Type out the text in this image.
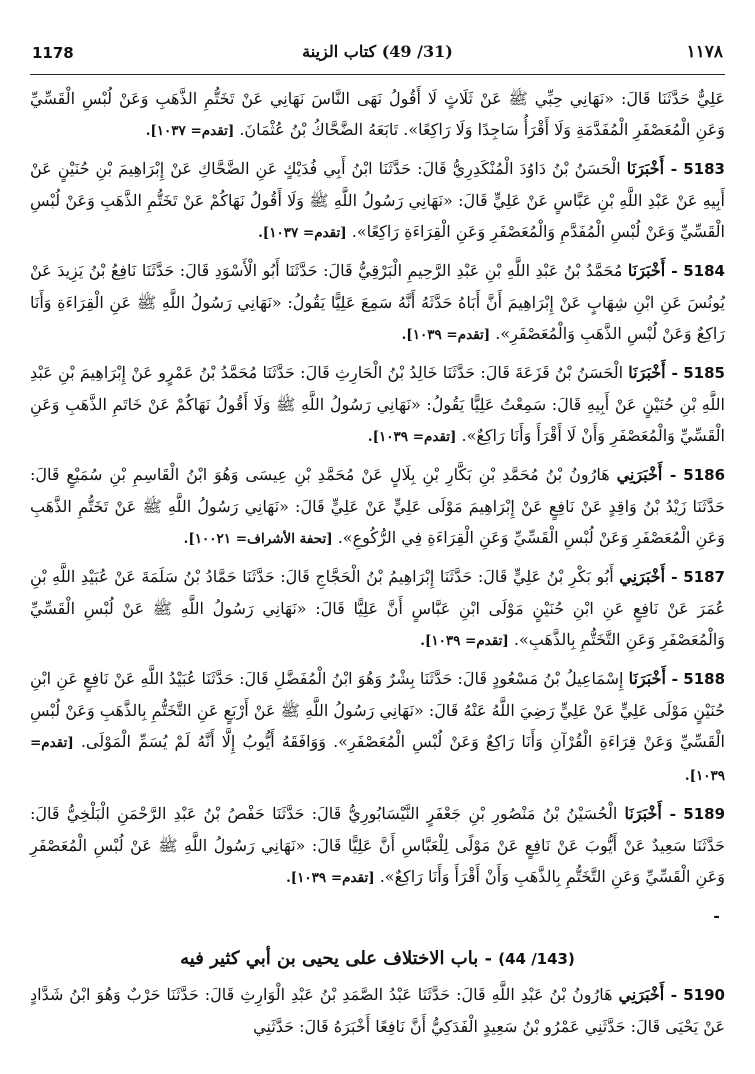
1178	(31/ 49) كتاب الزينة	١١٧٨

عَلِيٌّ حَدَّثَنَا قَالَ: «نَهَانِي حِبِّي ﷺ عَنْ ثَلَاثٍ لَا أَقُولُ نَهَى النَّاسَ نَهَانِي عَنْ تَخَتُّمِ الذَّهَبِ وَعَنْ لُبْسِ الْقَسِّيِّ وَعَنِ الْمُعَصْفَرِ الْمُفَدَّمَةِ وَلَا أَقْرَأُ سَاجِدًا وَلَا رَاكِعًا». تَابَعَهُ الضَّحَّاكُ بْنُ عُثْمَانَ. [تقدم= ١٠٣٧].

5183 - أَخْبَرَنَا الْحَسَنُ بْنُ دَاوُدَ الْمُنْكَدِرِيُّ قَالَ: حَدَّثَنَا ابْنُ أَبِي فُدَيْكٍ عَنِ الضَّحَّاكِ عَنْ إِبْرَاهِيمَ بْنِ حُنَيْنٍ عَنْ أَبِيهِ عَنْ عَبْدِ اللَّهِ بْنِ عَبَّاسٍ عَنْ عَلِيٍّ قَالَ: «نَهَانِي رَسُولُ اللَّهِ ﷺ وَلَا أَقُولُ نَهَاكُمْ عَنْ تَخَتُّمِ الذَّهَبِ وَعَنْ لُبْسِ الْقَسِّيِّ وَعَنْ لُبْسِ الْمُفَدَّمِ وَالْمُعَصْفَرِ وَعَنِ الْقِرَاءَةِ رَاكِعًا». [تقدم= ١٠٣٧].

5184 - أَخْبَرَنَا مُحَمَّدُ بْنُ عَبْدِ اللَّهِ بْنِ عَبْدِ الرَّحِيمِ الْبَرْقِيُّ قَالَ: حَدَّثَنَا أَبُو الْأَسْوَدِ قَالَ: حَدَّثَنَا نَافِعُ بْنُ يَزِيدَ عَنْ يُونُسَ عَنِ ابْنِ شِهَابٍ عَنْ إِبْرَاهِيمَ أَنَّ أَبَاهُ حَدَّثَهُ أَنَّهُ سَمِعَ عَلِيًّا يَقُولُ: «نَهَانِي رَسُولُ اللَّهِ ﷺ عَنِ الْقِرَاءَةِ وَأَنَا رَاكِعٌ وَعَنْ لُبْسِ الذَّهَبِ وَالْمُعَصْفَرِ». [تقدم= ١٠٣٩].

5185 - أَخْبَرَنَا الْحَسَنُ بْنُ قَزَعَةَ قَالَ: حَدَّثَنَا خَالِدُ بْنُ الْحَارِثِ قَالَ: حَدَّثَنَا مُحَمَّدُ بْنُ عَمْرٍو عَنْ إِبْرَاهِيمَ بْنِ عَبْدِ اللَّهِ بْنِ حُنَيْنٍ عَنْ أَبِيهِ قَالَ: سَمِعْتُ عَلِيًّا يَقُولُ: «نَهَانِي رَسُولُ اللَّهِ ﷺ وَلَا أَقُولُ نَهَاكُمْ عَنْ خَاتَمِ الذَّهَبِ وَعَنِ الْقَسِّيِّ وَالْمُعَصْفَرِ وَأَنْ لَا أَقْرَأَ وَأَنَا رَاكِعٌ». [تقدم= ١٠٣٩].

5186 - أَخْبَرَنِي هَارُونُ بْنُ مُحَمَّدِ بْنِ بَكَّارِ بْنِ بِلَالٍ عَنْ مُحَمَّدِ بْنِ عِيسَى وَهُوَ ابْنُ الْقَاسِمِ بْنِ سُمَيْعٍ قَالَ: حَدَّثَنَا زَيْدُ بْنُ وَاقِدٍ عَنْ نَافِعٍ عَنْ إِبْرَاهِيمَ مَوْلَى عَلِيٍّ عَنْ عَلِيٍّ قَالَ: «نَهَانِي رَسُولُ اللَّهِ ﷺ عَنْ تَخَتُّمِ الذَّهَبِ وَعَنِ الْمُعَصْفَرِ وَعَنْ لُبْسِ الْقَسِّيِّ وَعَنِ الْقِرَاءَةِ فِي الرُّكُوعِ». [تحفة الأشراف= ١٠٠٢١].

5187 - أَخْبَرَنِي أَبُو بَكْرِ بْنُ عَلِيٍّ قَالَ: حَدَّثَنَا إِبْرَاهِيمُ بْنُ الْحَجَّاجِ قَالَ: حَدَّثَنَا حَمَّادُ بْنُ سَلَمَةَ عَنْ عُبَيْدِ اللَّهِ بْنِ عُمَرَ عَنْ نَافِعٍ عَنِ ابْنِ حُنَيْنٍ مَوْلَى ابْنِ عَبَّاسٍ أَنَّ عَلِيًّا قَالَ: «نَهَانِي رَسُولُ اللَّهِ ﷺ عَنْ لُبْسِ الْقَسِّيِّ وَالْمُعَصْفَرِ وَعَنِ التَّخَتُّمِ بِالذَّهَبِ». [تقدم= ١٠٣٩].

5188 - أَخْبَرَنَا إِسْمَاعِيلُ بْنُ مَسْعُودٍ قَالَ: حَدَّثَنَا بِشْرٌ وَهُوَ ابْنُ الْمُفَضَّلِ قَالَ: حَدَّثَنَا عُبَيْدُ اللَّهِ عَنْ نَافِعٍ عَنِ ابْنِ حُنَيْنٍ مَوْلَى عَلِيٍّ عَنْ عَلِيٍّ رَضِيَ اللَّهُ عَنْهُ قَالَ: «نَهَانِي رَسُولُ اللَّهِ ﷺ عَنْ أَرْبَعٍ عَنِ التَّخَتُّمِ بِالذَّهَبِ وَعَنْ لُبْسِ الْقَسِّيِّ وَعَنْ قِرَاءَةِ الْقُرْآنِ وَأَنَا رَاكِعٌ وَعَنْ لُبْسِ الْمُعَصْفَرِ». وَوَافَقَهُ أَيُّوبُ إِلَّا أَنَّهُ لَمْ يُسَمِّ الْمَوْلَى. [تقدم= ١٠٣٩].

5189 - أَخْبَرَنَا الْحُسَيْنُ بْنُ مَنْصُورِ بْنِ جَعْفَرٍ النَّيْسَابُورِيُّ قَالَ: حَدَّثَنَا حَفْصُ بْنُ عَبْدِ الرَّحْمَنِ الْبَلْخِيُّ قَالَ: حَدَّثَنَا سَعِيدٌ عَنْ أَيُّوبَ عَنْ نَافِعٍ عَنْ مَوْلًى لِلْعَبَّاسِ أَنَّ عَلِيًّا قَالَ: «نَهَانِي رَسُولُ اللَّهِ ﷺ عَنْ لُبْسِ الْمُعَصْفَرِ وَعَنِ الْقَسِّيِّ وَعَنِ التَّخَتُّمِ بِالذَّهَبِ وَأَنْ أَقْرَأَ وَأَنَا رَاكِعٌ». [تقدم= ١٠٣٩].

-

(143/ 44) - باب الاختلاف على يحيى بن أبي كثير فيه

5190 - أَخْبَرَنِي هَارُونُ بْنُ عَبْدِ اللَّهِ قَالَ: حَدَّثَنَا عَبْدُ الصَّمَدِ بْنُ عَبْدِ الْوَارِثِ قَالَ: حَدَّثَنَا حَرْبٌ وَهُوَ ابْنُ شَدَّادٍ عَنْ يَحْيَى قَالَ: حَدَّثَنِي عَمْرُو بْنُ سَعِيدٍ الْفَدَكِيُّ أَنَّ نَافِعًا أَخْبَرَهُ قَالَ: حَدَّثَنِي
